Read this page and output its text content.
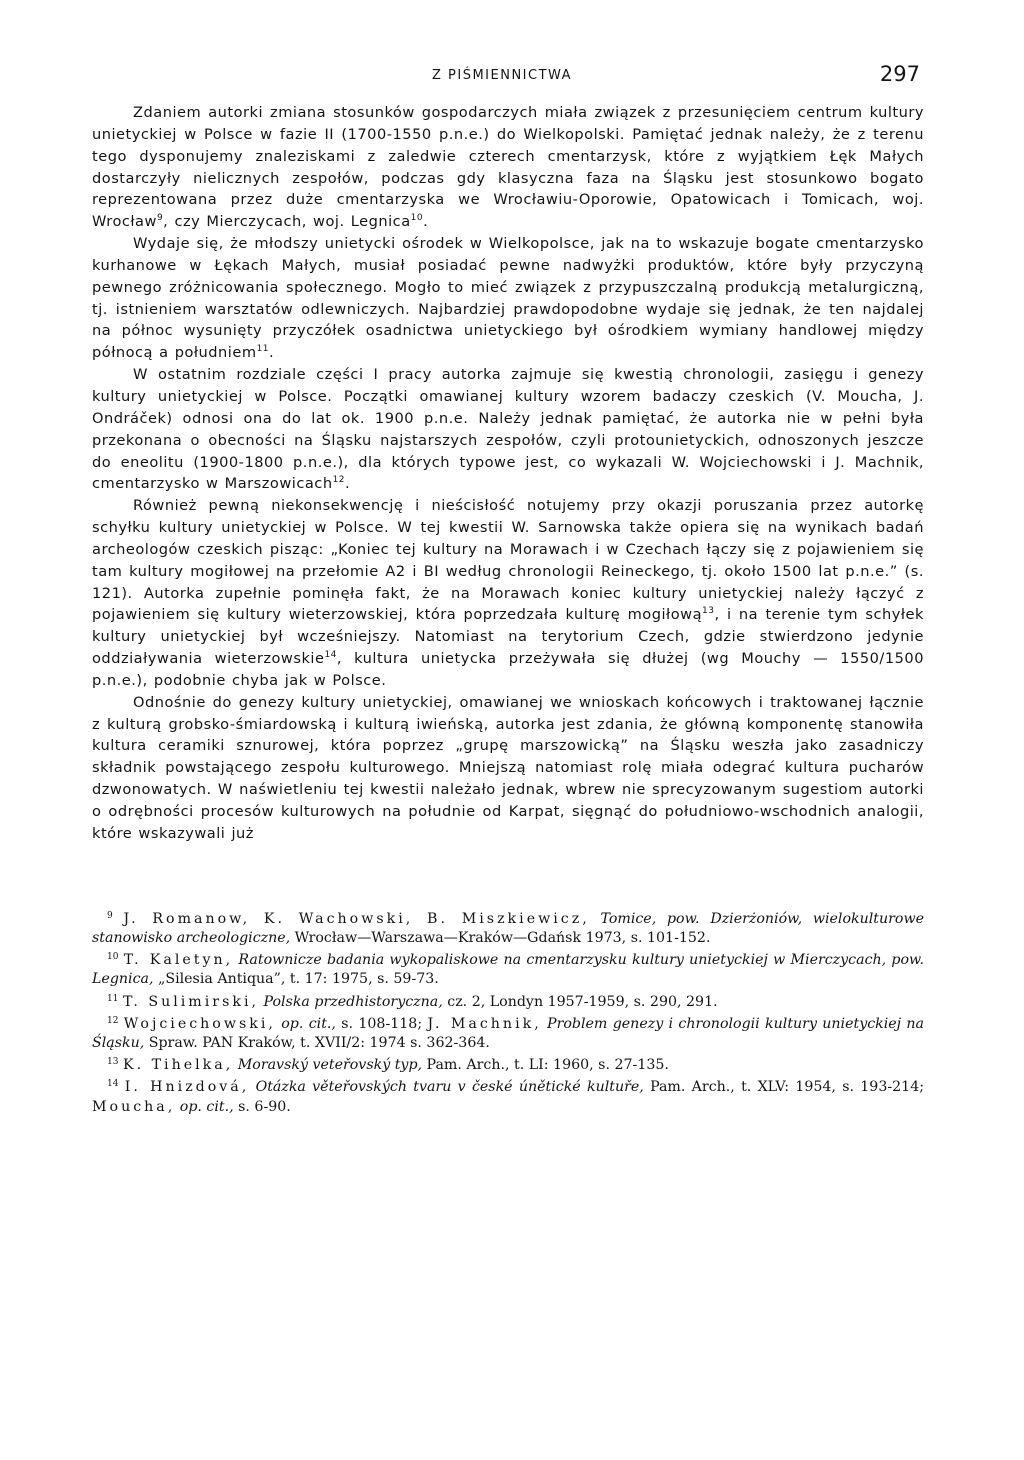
Z PIŚMIENNICTWA	297

Zdaniem autorki zmiana stosunków gospodarczych miała związek z przesunięciem centrum kultury unietyckiej w Polsce w fazie II (1700-1550 p.n.e.) do Wielkopolski. Pamiętać jednak należy, że z terenu tego dysponujemy znaleziskami z zaledwie czterech cmentarzysk, które z wyjątkiem Łęk Małych dostarczyły nielicznych zespołów, podczas gdy klasyczna faza na Śląsku jest stosunkowo bogato reprezentowana przez duże cmentarzyska we Wrocławiu-Oporowie, Opatowicach i Tomicach, woj. Wrocław$^9$, czy Mierczycach, woj. Legnica$^{10}$.

Wydaje się, że młodszy unietycki ośrodek w Wielkopolsce, jak na to wskazuje bogate cmentarzysko kurhanowe w Łękach Małych, musiał posiadać pewne nadwyżki produktów, które były przyczyną pewnego zróżnicowania społecznego. Mogło to mieć związek z przypuszczalną produkcją metalurgiczną, tj. istnieniem warsztatów odlewniczych. Najbardziej prawdopodobne wydaje się jednak, że ten najdalej na północ wysunięty przyczółek osadnictwa unietyckiego był ośrodkiem wymiany handlowej między północą a południem$^{11}$.

W ostatnim rozdziale części I pracy autorka zajmuje się kwestią chronologii, zasięgu i genezy kultury unietyckiej w Polsce. Początki omawianej kultury wzorem badaczy czeskich (V. Moucha, J. Ondráček) odnosi ona do lat ok. 1900 p.n.e. Należy jednak pamiętać, że autorka nie w pełni była przekonana o obecności na Śląsku najstarszych zespołów, czyli protounietyckich, odnoszonych jeszcze do eneolitu (1900-1800 p.n.e.), dla których typowe jest, co wykazali W. Wojciechowski i J. Machnik, cmentarzysko w Marszowicach$^{12}$.

Również pewną niekonsekwencję i nieścisłość notujemy przy okazji poruszania przez autorkę schyłku kultury unietyckiej w Polsce. W tej kwestii W. Sarnowska także opiera się na wynikach badań archeologów czeskich pisząc: „Koniec tej kultury na Morawach i w Czechach łączy się z pojawieniem się tam kultury mogiłowej na przełomie A2 i BI według chronologii Reineckego, tj. około 1500 lat p.n.e.” (s. 121). Autorka zupełnie pominęła fakt, że na Morawach koniec kultury unietyckiej należy łączyć z pojawieniem się kultury wieterzowskiej, która poprzedzała kulturę mogiłową$^{13}$, i na terenie tym schyłek kultury unietyckiej był wcześniejszy. Natomiast na terytorium Czech, gdzie stwierdzono jedynie oddziaływania wieterzowskie$^{14}$, kultura unietycka przeżywała się dłużej (wg Mouchy — 1550/1500 p.n.e.), podobnie chyba jak w Polsce.

Odnośnie do genezy kultury unietyckiej, omawianej we wnioskach końcowych i traktowanej łącznie z kulturą grobsko-śmiardowską i kulturą iwieńską, autorka jest zdania, że główną komponentę stanowiła kultura ceramiki sznurowej, która poprzez „grupę marszowicką” na Śląsku weszła jako zasadniczy składnik powstającego zespołu kulturowego. Mniejszą natomiast rolę miała odegrać kultura pucharów dzwonowatych. W naświetleniu tej kwestii należało jednak, wbrew nie sprecyzowanym sugestiom autorki o odrębności procesów kulturowych na południe od Karpat, sięgnąć do południowo-wschodnich analogii, które wskazywali już

$^9$ J. Romanow, K. Wachowski, B. Miszkiewicz, Tomice, pow. Dzierżoniów, wielokulturowe stanowisko archeologiczne, Wrocław—Warszawa—Kraków—Gdańsk 1973, s. 101-152.

$^{10}$ T. Kaletyn, Ratownicze badania wykopaliskowe na cmentarzysku kultury unietyckiej w Mierczycach, pow. Legnica, „Silesia Antiqua”, t. 17: 1975, s. 59-73.

$^{11}$ T. Sulimirski, Polska przedhistoryczna, cz. 2, Londyn 1957-1959, s. 290, 291.

$^{12}$ Wojciechowski, op. cit., s. 108-118; J. Machnik, Problem genezy i chronologii kultury unietyckiej na Śląsku, Spraw. PAN Kraków, t. XVII/2: 1974 s. 362-364.

$^{13}$ K. Tihelka, Moravský veteřovský typ, Pam. Arch., t. LI: 1960, s. 27-135.

$^{14}$ I. Hnizdová, Otázka větеřovských tvaru v české únětické kultuře, Pam. Arch., t. XLV: 1954, s. 193-214; Moucha, op. cit., s. 6-90.
